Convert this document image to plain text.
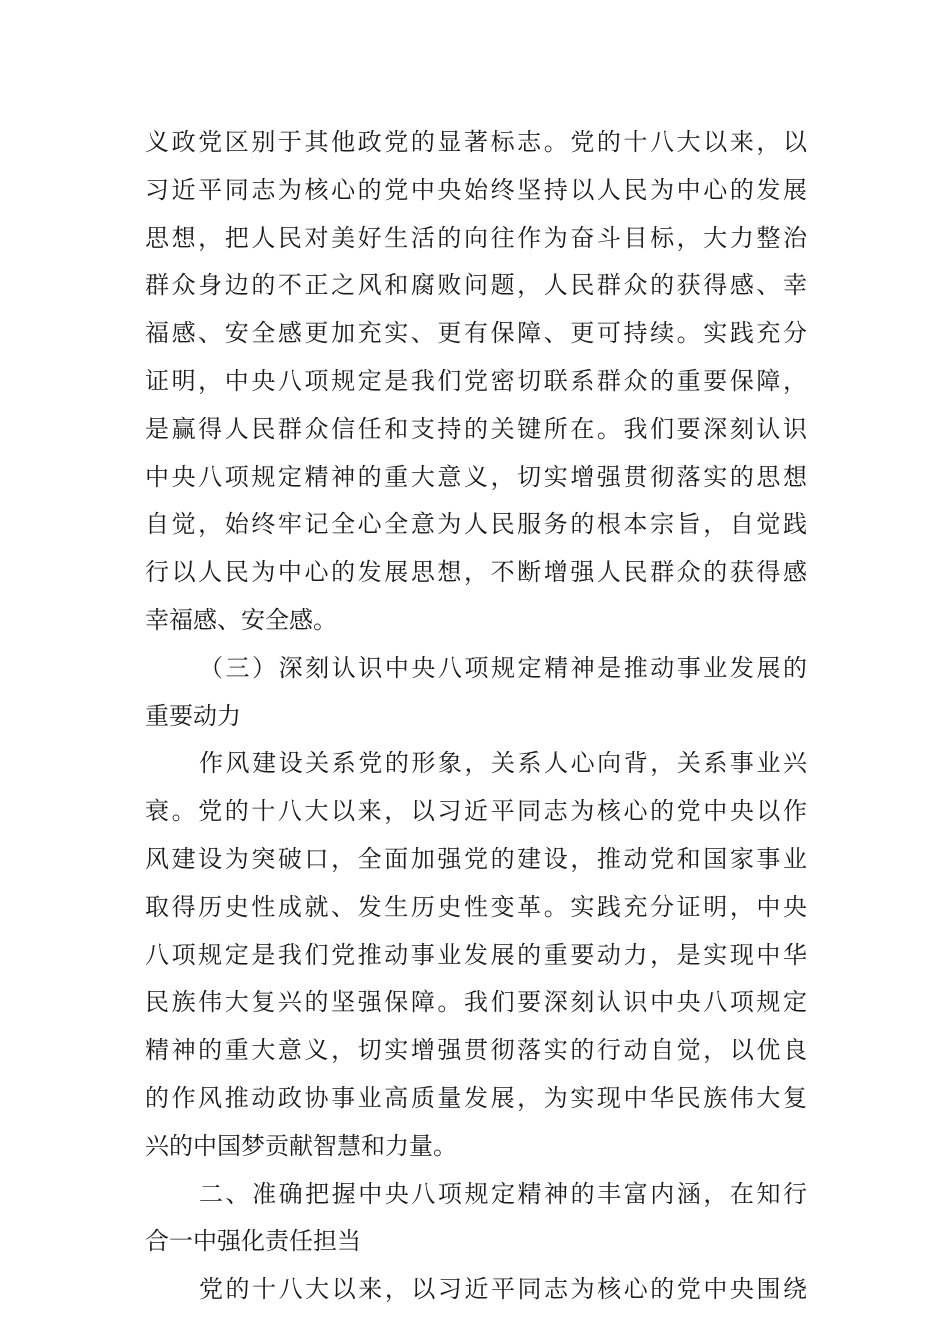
义政党区别于其他政党的显著标志。党的十八大以来，以
习近平同志为核心的党中央始终坚持以人民为中心的发展
思想，把人民对美好生活的向往作为奋斗目标，大力整治
群众身边的不正之风和腐败问题，人民群众的获得感、幸
福感、安全感更加充实、更有保障、更可持续。实践充分
证明，中央八项规定是我们党密切联系群众的重要保障，
是赢得人民群众信任和支持的关键所在。我们要深刻认识
中央八项规定精神的重大意义，切实增强贯彻落实的思想
自觉，始终牢记全心全意为人民服务的根本宗旨，自觉践
行以人民为中心的发展思想，不断增强人民群众的获得感
幸福感、安全感。
（三）深刻认识中央八项规定精神是推动事业发展的
重要动力
作风建设关系党的形象，关系人心向背，关系事业兴
衰。党的十八大以来，以习近平同志为核心的党中央以作
风建设为突破口，全面加强党的建设，推动党和国家事业
取得历史性成就、发生历史性变革。实践充分证明，中央
八项规定是我们党推动事业发展的重要动力，是实现中华
民族伟大复兴的坚强保障。我们要深刻认识中央八项规定
精神的重大意义，切实增强贯彻落实的行动自觉，以优良
的作风推动政协事业高质量发展，为实现中华民族伟大复
兴的中国梦贡献智慧和力量。
二、准确把握中央八项规定精神的丰富内涵，在知行
合一中强化责任担当
党的十八大以来，以习近平同志为核心的党中央围绕
